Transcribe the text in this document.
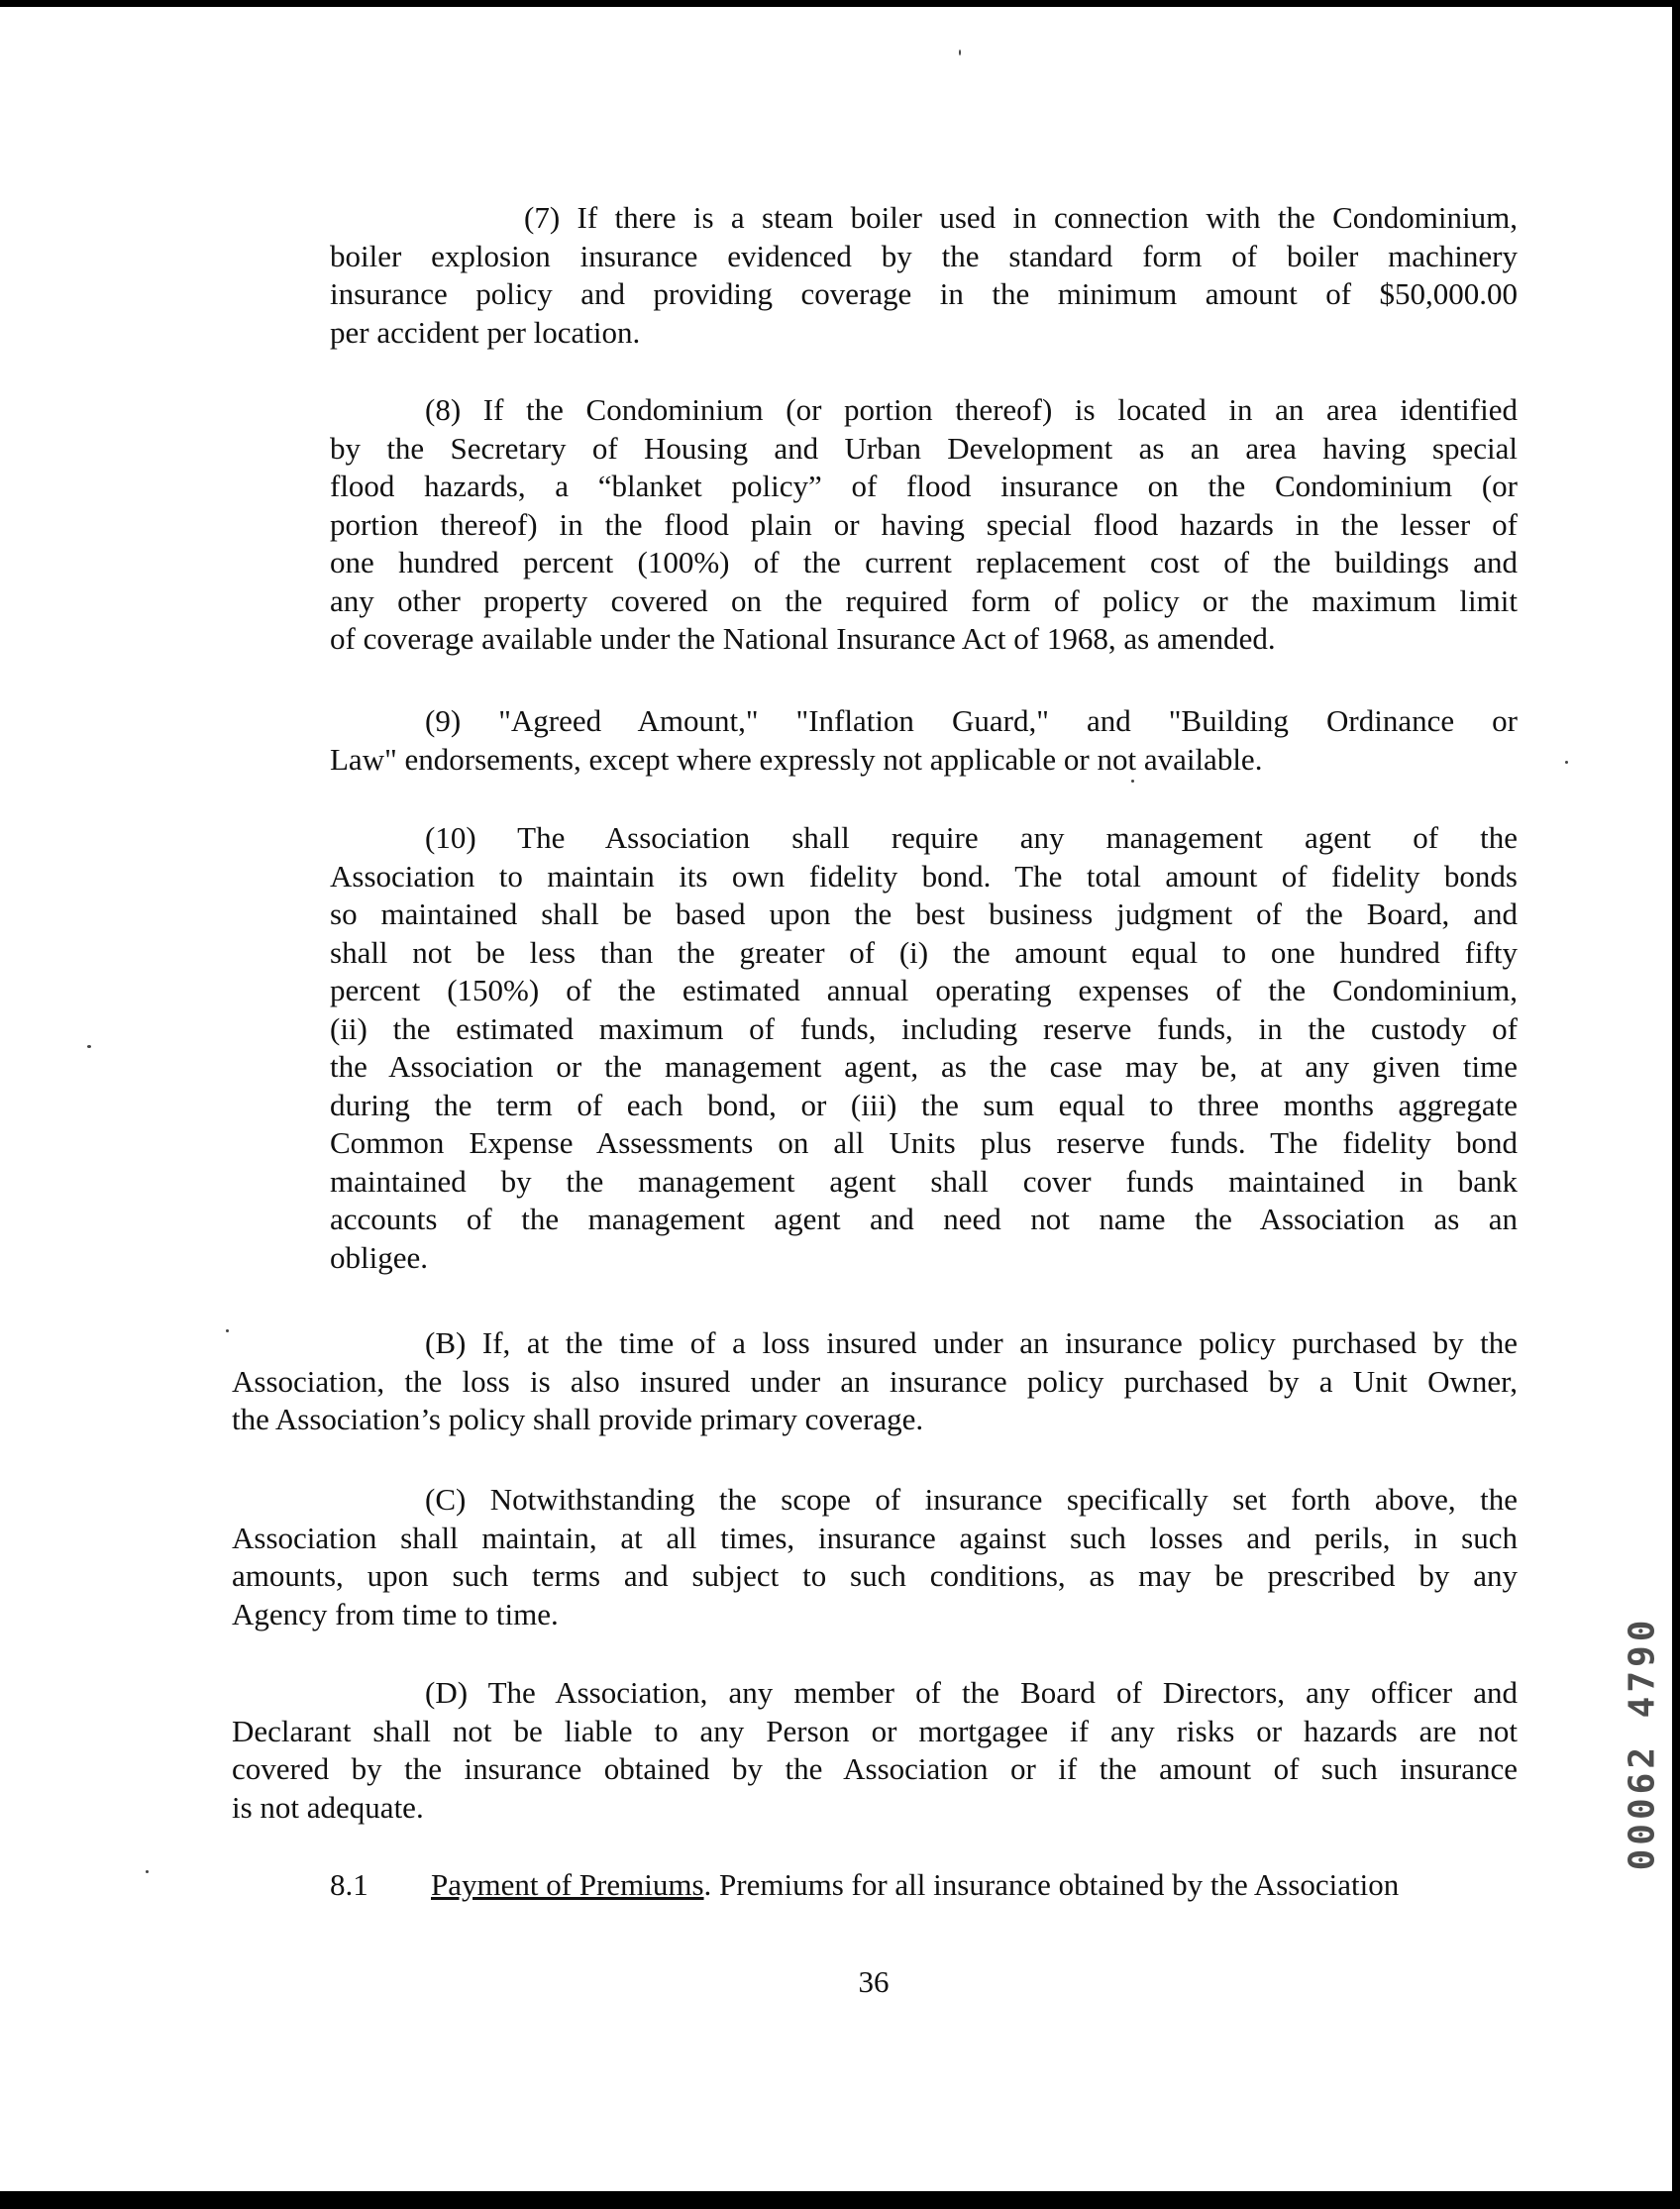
(7) If there is a steam boiler used in connection with the Condominium,
boiler explosion insurance evidenced by the standard form of boiler machinery
insurance policy and providing coverage in the minimum amount of $50,000.00
per accident per location.
(8) If the Condominium (or portion thereof) is located in an area identified
by the Secretary of Housing and Urban Development as an area having special
flood hazards, a “blanket policy” of flood insurance on the Condominium (or
portion thereof) in the flood plain or having special flood hazards in the lesser of
one hundred percent (100%) of the current replacement cost of the buildings and
any other property covered on the required form of policy or the maximum limit
of coverage available under the National Insurance Act of 1968, as amended.
(9) "Agreed Amount," "Inflation Guard," and "Building Ordinance or
Law" endorsements, except where expressly not applicable or not available.
(10) The Association shall require any management agent of the
Association to maintain its own fidelity bond. The total amount of fidelity bonds
so maintained shall be based upon the best business judgment of the Board, and
shall not be less than the greater of (i) the amount equal to one hundred fifty
percent (150%) of the estimated annual operating expenses of the Condominium,
(ii) the estimated maximum of funds, including reserve funds, in the custody of
the Association or the management agent, as the case may be, at any given time
during the term of each bond, or (iii) the sum equal to three months aggregate
Common Expense Assessments on all Units plus reserve funds. The fidelity bond
maintained by the management agent shall cover funds maintained in bank
accounts of the management agent and need not name the Association as an
obligee.
(B) If, at the time of a loss insured under an insurance policy purchased by the
Association, the loss is also insured under an insurance policy purchased by a Unit Owner,
the Association’s policy shall provide primary coverage.
(C) Notwithstanding the scope of insurance specifically set forth above, the
Association shall maintain, at all times, insurance against such losses and perils, in such
amounts, upon such terms and subject to such conditions, as may be prescribed by any
Agency from time to time.
(D) The Association, any member of the Board of Directors, any officer and
Declarant shall not be liable to any Person or mortgagee if any risks or hazards are not
covered by the insurance obtained by the Association or if the amount of such insurance
is not adequate.
8.1 Payment of Premiums. Premiums for all insurance obtained by the Association
36
00062 4790
